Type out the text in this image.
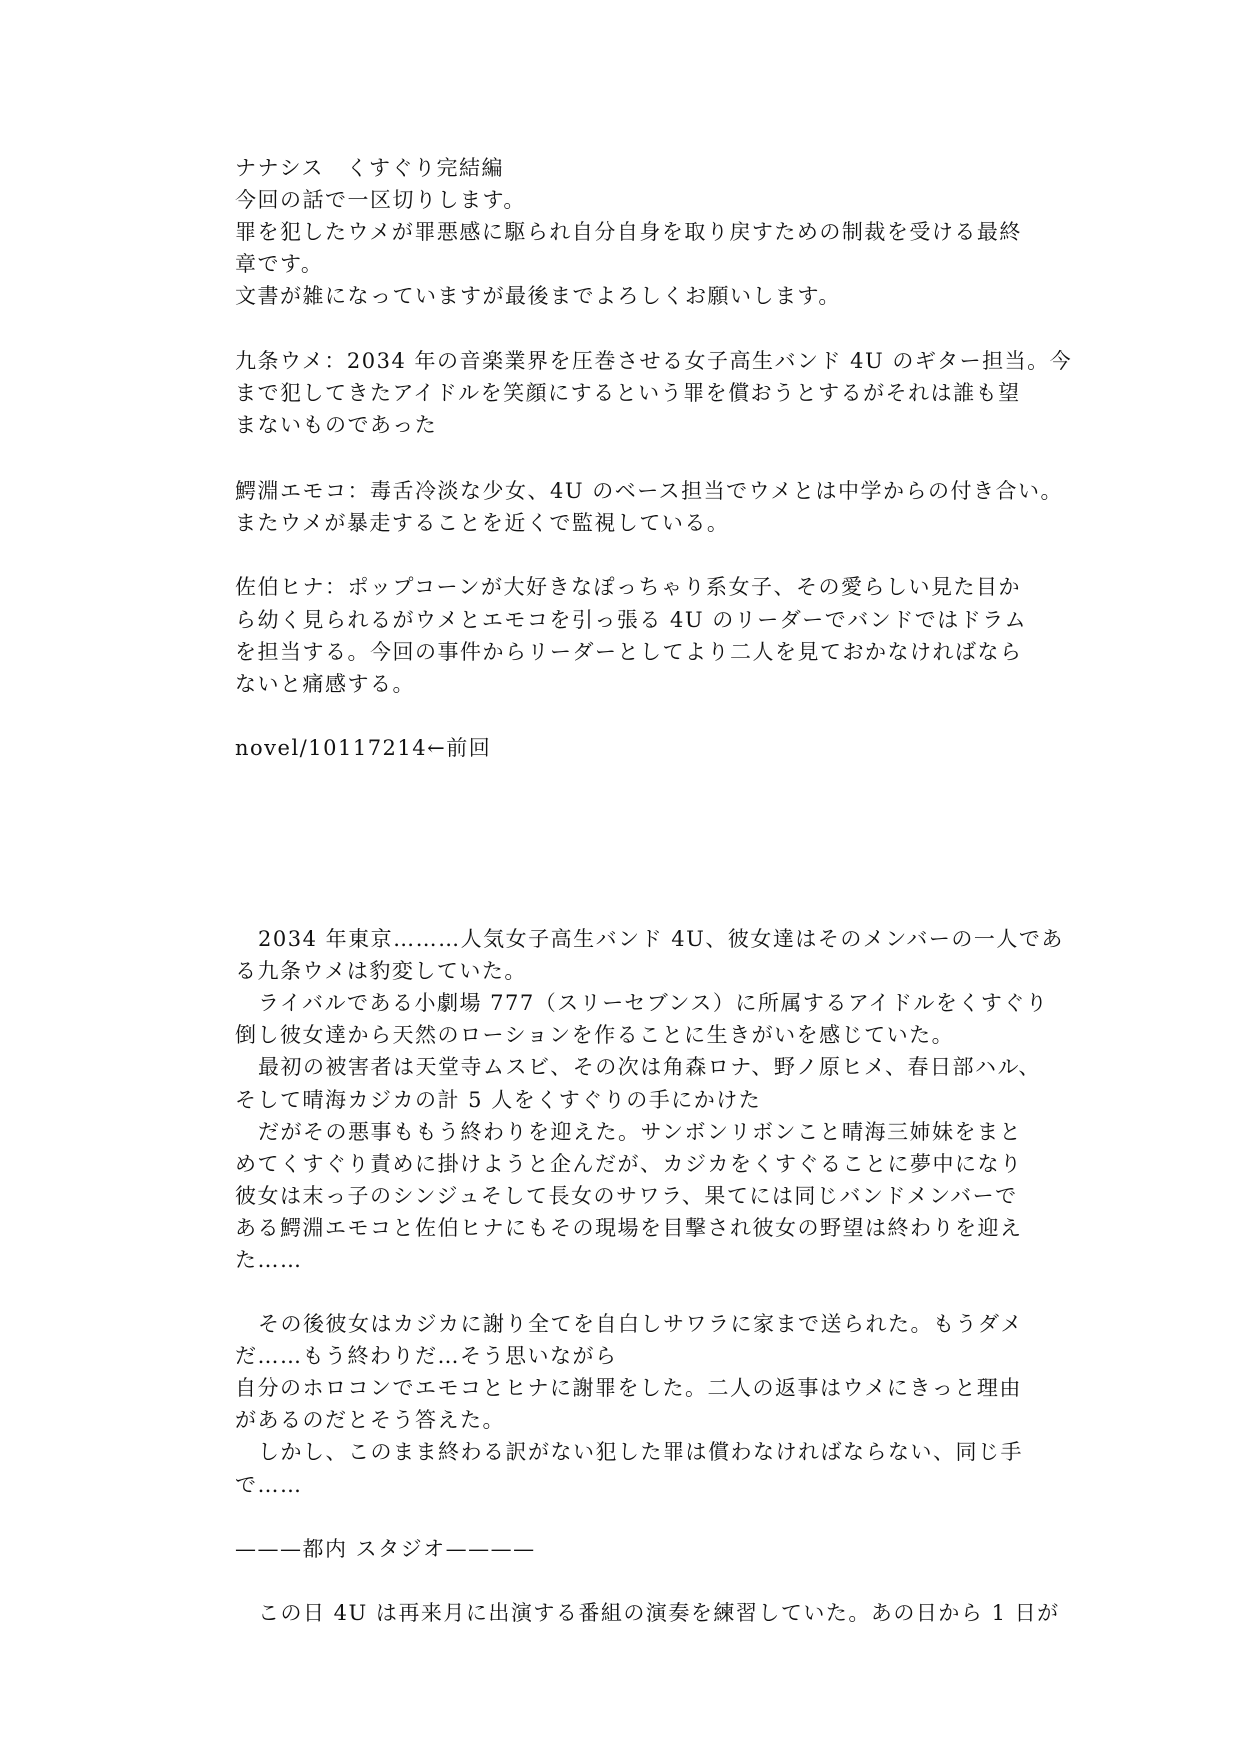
ナナシス　くすぐり完結編
今回の話で一区切りします。
罪を犯したウメが罪悪感に駆られ自分自身を取り戻すための制裁を受ける最終
章です。
文書が雑になっていますが最後までよろしくお願いします。
九条ウメ：2034 年の音楽業界を圧巻させる女子高生バンド 4U のギター担当。今
まで犯してきたアイドルを笑顔にするという罪を償おうとするがそれは誰も望
まないものであった
鰐淵エモコ：毒舌冷淡な少女、4U のベース担当でウメとは中学からの付き合い。
またウメが暴走することを近くで監視している。
佐伯ヒナ：ポップコーンが大好きなぽっちゃり系女子、その愛らしい見た目か
ら幼く見られるがウメとエモコを引っ張る 4U のリーダーでバンドではドラム
を担当する。今回の事件からリーダーとしてより二人を見ておかなければなら
ないと痛感する。
novel/10117214←前回
2034 年東京………人気女子高生バンド 4U、彼女達はそのメンバーの一人であ
る九条ウメは豹変していた。
ライバルである小劇場 777（スリーセブンス）に所属するアイドルをくすぐり
倒し彼女達から天然のローションを作ることに生きがいを感じていた。
最初の被害者は天堂寺ムスビ、その次は角森ロナ、野ノ原ヒメ、春日部ハル、
そして晴海カジカの計 5 人をくすぐりの手にかけた
だがその悪事ももう終わりを迎えた。サンボンリボンこと晴海三姉妹をまと
めてくすぐり責めに掛けようと企んだが、カジカをくすぐることに夢中になり
彼女は末っ子のシンジュそして長女のサワラ、果てには同じバンドメンバーで
ある鰐淵エモコと佐伯ヒナにもその現場を目撃され彼女の野望は終わりを迎え
た……
その後彼女はカジカに謝り全てを自白しサワラに家まで送られた。もうダメ
だ……もう終わりだ…そう思いながら
自分のホロコンでエモコとヒナに謝罪をした。二人の返事はウメにきっと理由
があるのだとそう答えた。
しかし、このまま終わる訳がない犯した罪は償わなければならない、同じ手
で……
———都内 スタジオ————
この日 4U は再来月に出演する番組の演奏を練習していた。あの日から 1 日が
